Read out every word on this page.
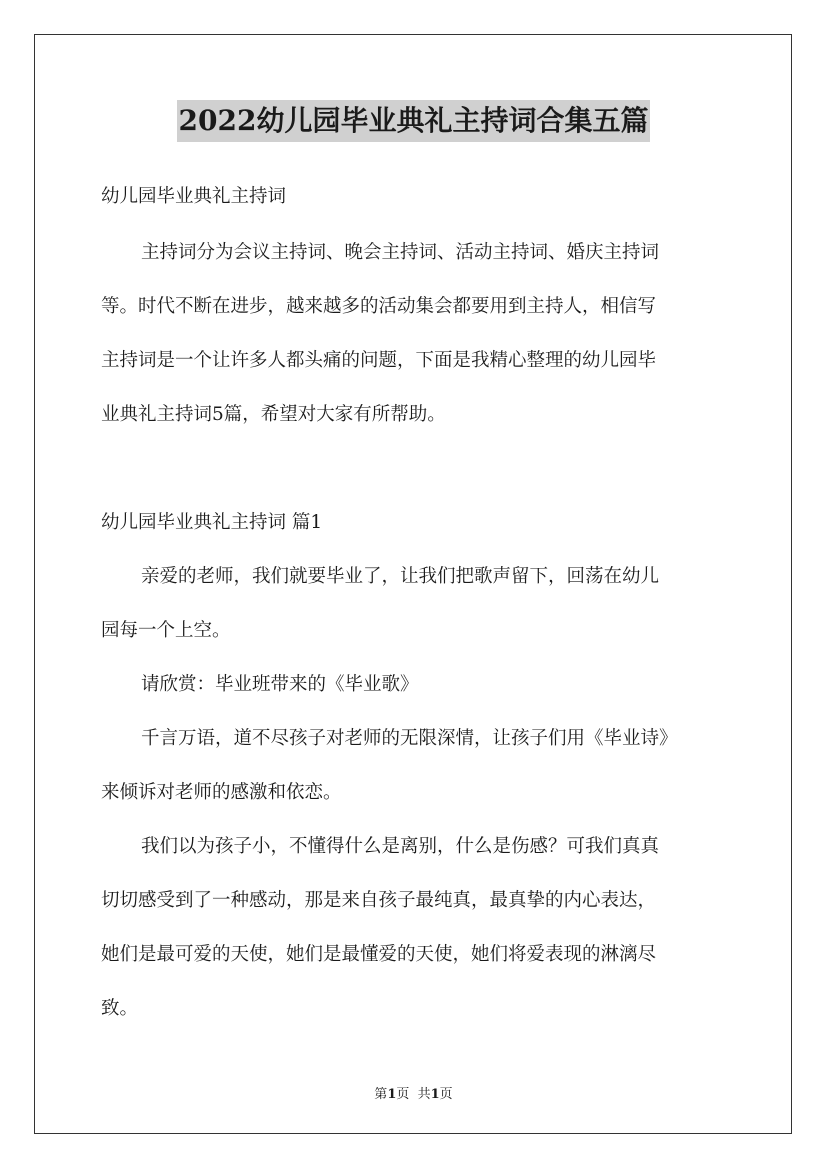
2022幼儿园毕业典礼主持词合集五篇
幼儿园毕业典礼主持词
主持词分为会议主持词、晚会主持词、活动主持词、婚庆主持词
等。时代不断在进步，越来越多的活动集会都要用到主持人，相信写
主持词是一个让许多人都头痛的问题，下面是我精心整理的幼儿园毕
业典礼主持词5篇，希望对大家有所帮助。
幼儿园毕业典礼主持词 篇1
亲爱的老师，我们就要毕业了，让我们把歌声留下，回荡在幼儿
园每一个上空。
请欣赏：毕业班带来的《毕业歌》
千言万语，道不尽孩子对老师的无限深情，让孩子们用《毕业诗》
来倾诉对老师的感激和依恋。
我们以为孩子小，不懂得什么是离别，什么是伤感？可我们真真
切切感受到了一种感动，那是来自孩子最纯真，最真挚的内心表达，
她们是最可爱的天使，她们是最懂爱的天使，她们将爱表现的淋漓尽
致。
第1页  共1页
